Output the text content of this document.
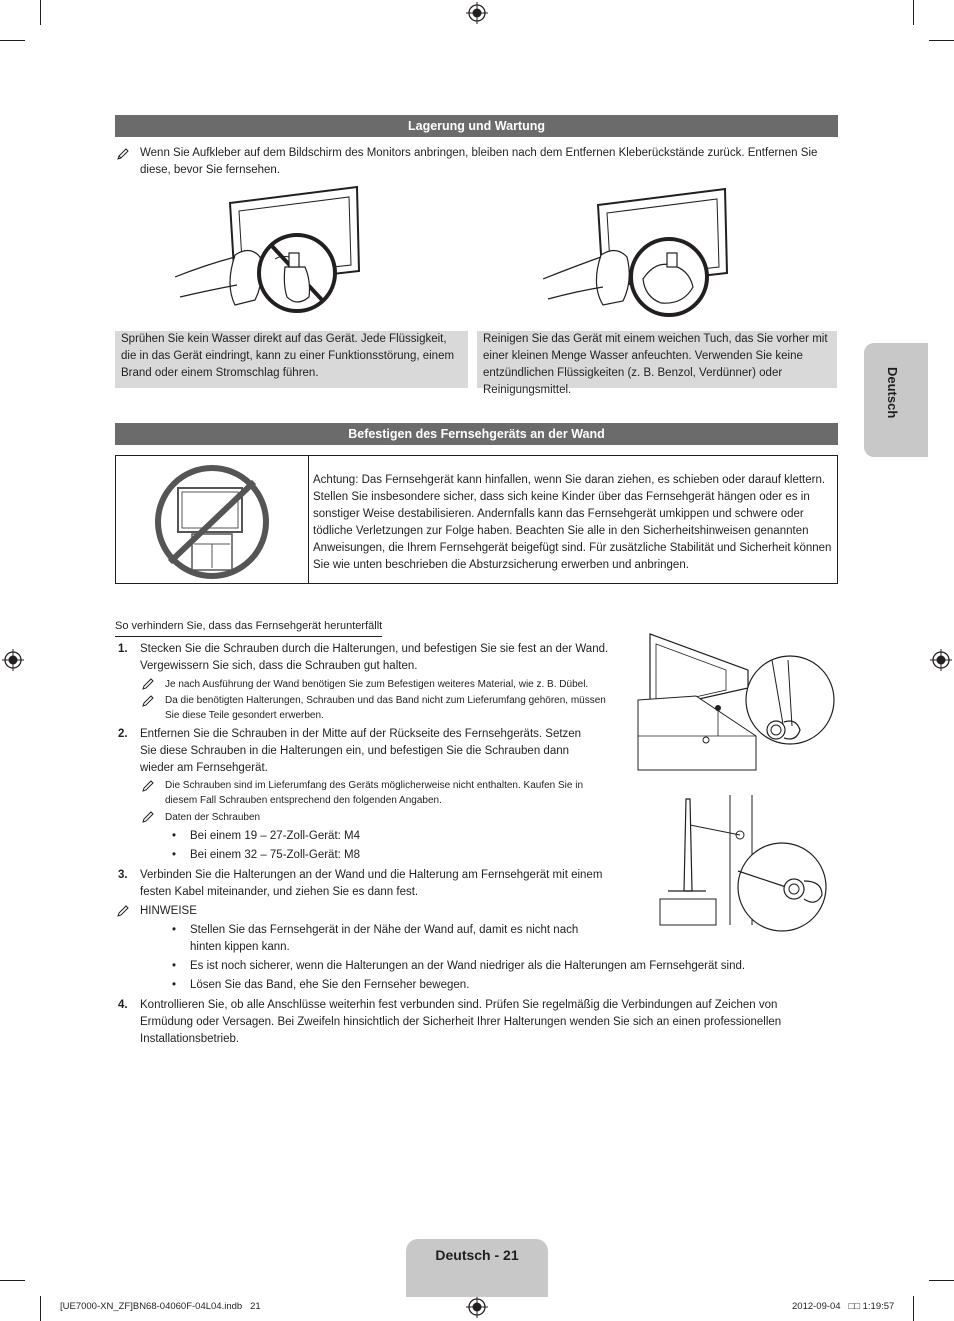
Deutsch
Lagerung und Wartung
Wenn Sie Aufkleber auf dem Bildschirm des Monitors anbringen, bleiben nach dem Entfernen Kleberückstände zurück. Entfernen Sie diese, bevor Sie fernsehen.
Sprühen Sie kein Wasser direkt auf das Gerät. Jede Flüssigkeit, die in das Gerät eindringt, kann zu einer Funktionsstörung, einem Brand oder einem Stromschlag führen.
Reinigen Sie das Gerät mit einem weichen Tuch, das Sie vorher mit einer kleinen Menge Wasser anfeuchten. Verwenden Sie keine entzündlichen Flüssigkeiten (z. B. Benzol, Verdünner) oder Reinigungsmittel.
Befestigen des Fernsehgeräts an der Wand
Achtung: Das Fernsehgerät kann hinfallen, wenn Sie daran ziehen, es schieben oder darauf klettern. Stellen Sie insbesondere sicher, dass sich keine Kinder über das Fernsehgerät hängen oder es in sonstiger Weise destabilisieren. Andernfalls kann das Fernsehgerät umkippen und schwere oder tödliche Verletzungen zur Folge haben. Beachten Sie alle in den Sicherheitshinweisen genannten Anweisungen, die Ihrem Fernsehgerät beigefügt sind. Für zusätzliche Stabilität und Sicherheit können Sie wie unten beschrieben die Absturzsicherung erwerben und anbringen.
So verhindern Sie, dass das Fernsehgerät herunterfällt
1. Stecken Sie die Schrauben durch die Halterungen, und befestigen Sie sie fest an der Wand. Vergewissern Sie sich, dass die Schrauben gut halten.
Je nach Ausführung der Wand benötigen Sie zum Befestigen weiteres Material, wie z. B. Dübel.
Da die benötigten Halterungen, Schrauben und das Band nicht zum Lieferumfang gehören, müssen Sie diese Teile gesondert erwerben.
2. Entfernen Sie die Schrauben in der Mitte auf der Rückseite des Fernsehgeräts. Setzen Sie diese Schrauben in die Halterungen ein, und befestigen Sie die Schrauben dann wieder am Fernsehgerät.
Die Schrauben sind im Lieferumfang des Geräts möglicherweise nicht enthalten. Kaufen Sie in diesem Fall Schrauben entsprechend den folgenden Angaben.
Daten der Schrauben
• Bei einem 19 – 27-Zoll-Gerät: M4
• Bei einem 32 – 75-Zoll-Gerät: M8
3. Verbinden Sie die Halterungen an der Wand und die Halterung am Fernsehgerät mit einem festen Kabel miteinander, und ziehen Sie es dann fest.
HINWEISE
• Stellen Sie das Fernsehgerät in der Nähe der Wand auf, damit es nicht nach hinten kippen kann.
• Es ist noch sicherer, wenn die Halterungen an der Wand niedriger als die Halterungen am Fernsehgerät sind.
• Lösen Sie das Band, ehe Sie den Fernseher bewegen.
4. Kontrollieren Sie, ob alle Anschlüsse weiterhin fest verbunden sind. Prüfen Sie regelmäßig die Verbindungen auf Zeichen von Ermüdung oder Versagen. Bei Zweifeln hinsichtlich der Sicherheit Ihrer Halterungen wenden Sie sich an einen professionellen Installationsbetrieb.
Deutsch - 21
[UE7000-XN_ZF]BN68-04060F-04L04.indb   21	2012-09-04   □□ 1:19:57
